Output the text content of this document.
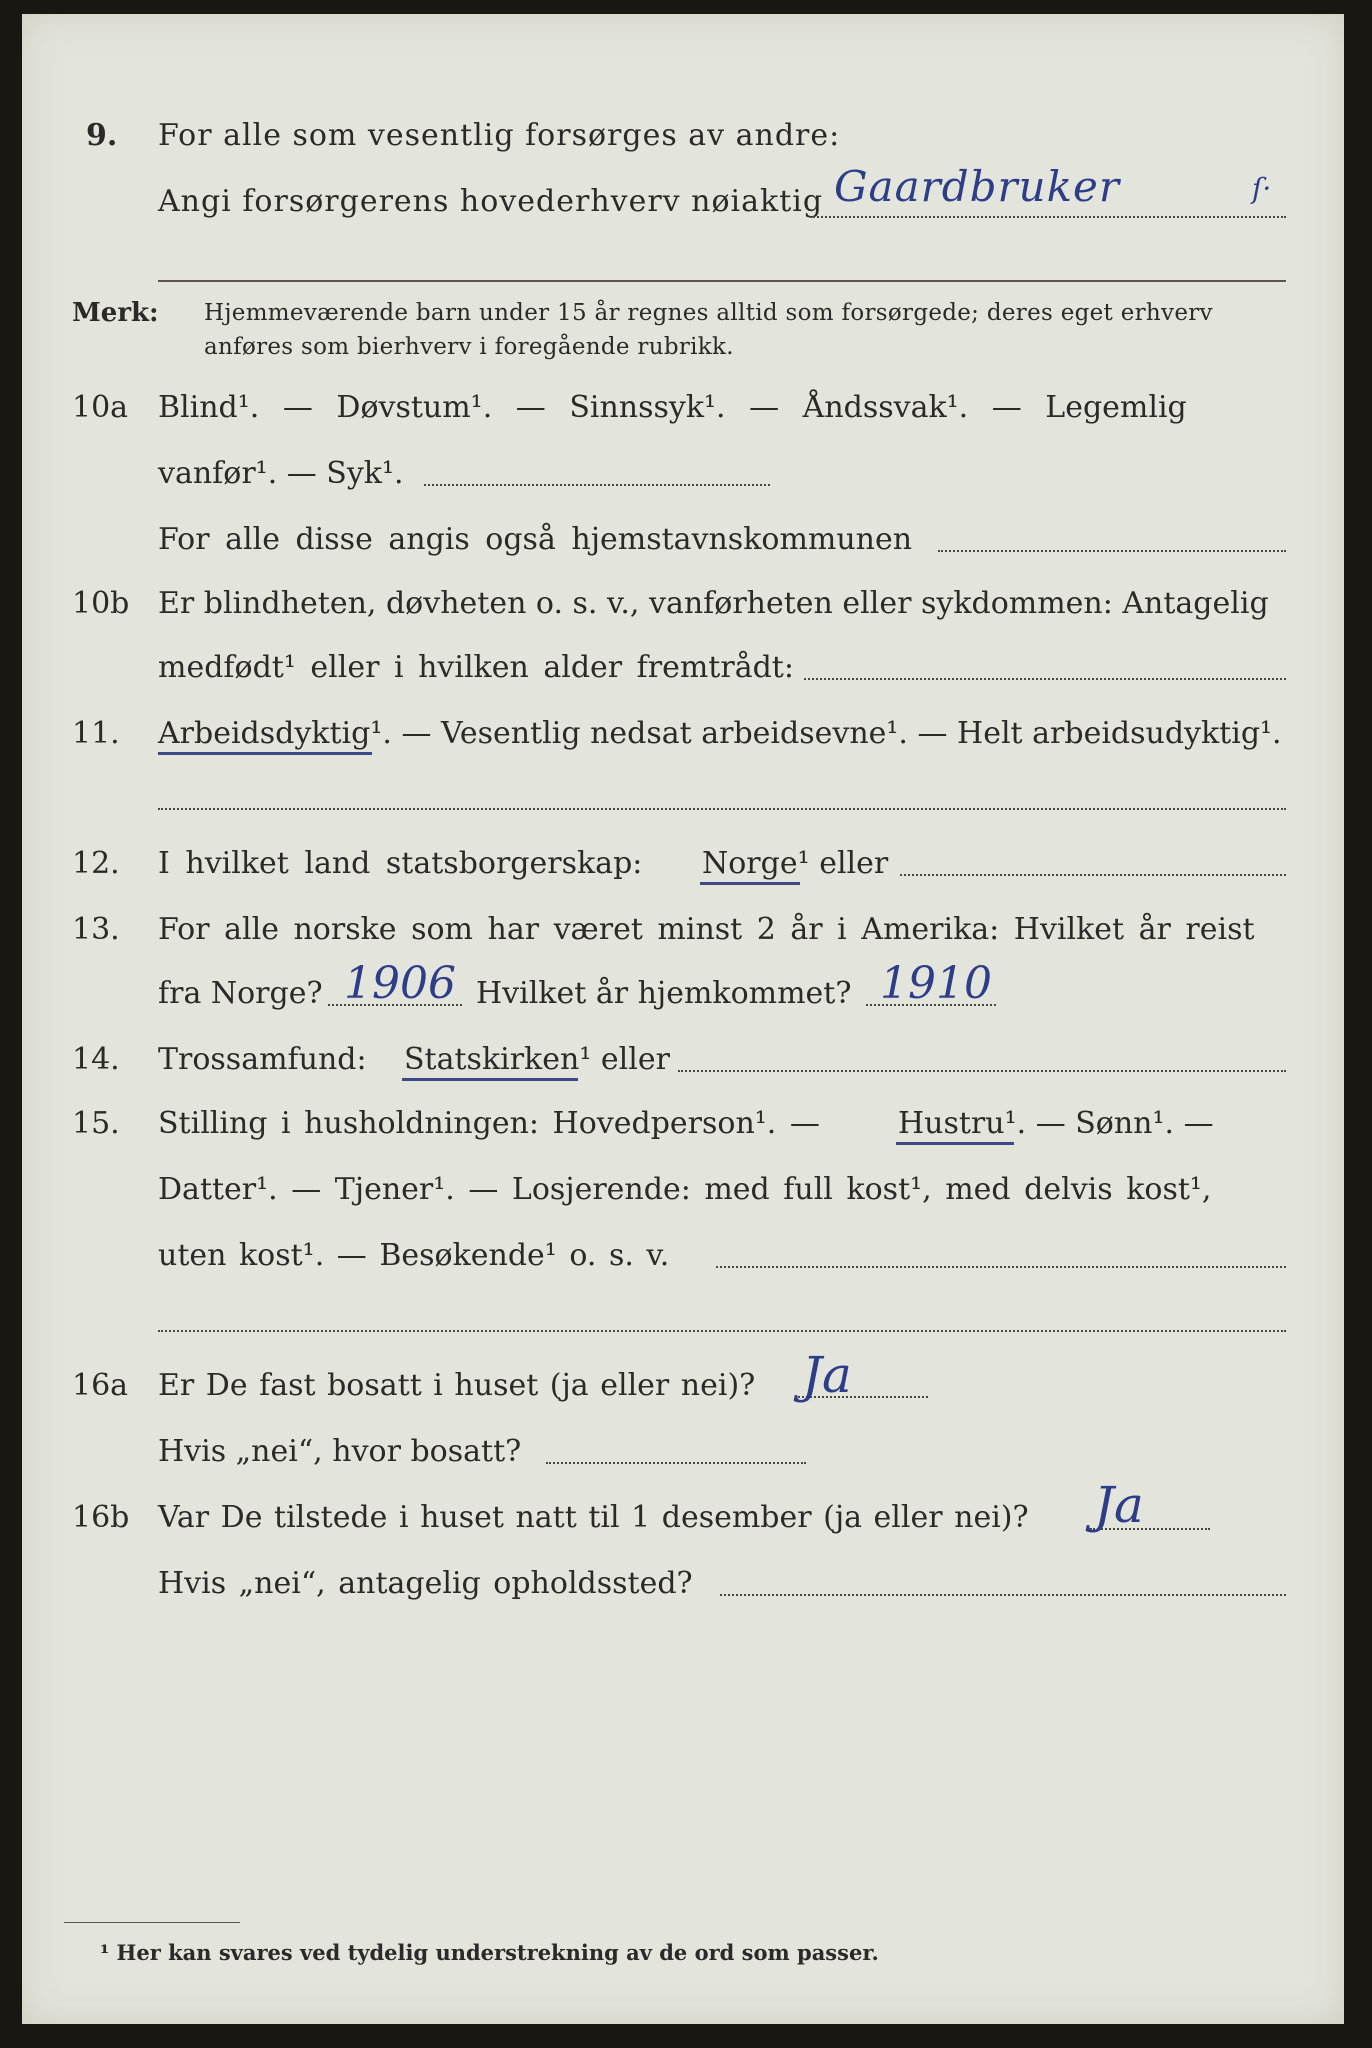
9. For alle som vesentlig forsørges av andre:
Angi forsørgerens hovederhverv nøiaktig Gaardbruker	ſ·
Merk: Hjemmeværende barn under 15 år regnes alltid som forsørgede; deres eget erhverv
anføres som bierhverv i foregående rubrikk.
10a Blind¹. — Døvstum¹. — Sinnssyk¹. — Åndssvak¹. — Legemlig
vanfør¹. — Syk¹.
For alle disse angis også hjemstavnskommunen
10b Er blindheten, døvheten o. s. v., vanførheten eller sykdommen: Antagelig
medfødt¹ eller i hvilken alder fremtrådt:
11. Arbeidsdyktig¹. — Vesentlig nedsat arbeidsevne¹. — Helt arbeidsudyktig¹.
12. I hvilket land statsborgerskap: Norge¹ eller
13. For alle norske som har været minst 2 år i Amerika: Hvilket år reist
fra Norge? 1906 Hvilket år hjemkommet? 1910
14. Trossamfund: Statskirken¹ eller
15. Stilling i husholdningen: Hovedperson¹. —	Hustru¹. — Sønn¹. —
Datter¹. — Tjener¹. — Losjerende: med full kost¹, med delvis kost¹,
uten kost¹. — Besøkende¹ o. s. v.
16a Er De fast bosatt i huset (ja eller nei)? Ja
Hvis „nei“, hvor bosatt?
16b Var De tilstede i huset natt til 1 desember (ja eller nei)? Ja
Hvis „nei“, antagelig opholdssted?
¹ Her kan svares ved tydelig understrekning av de ord som passer.
